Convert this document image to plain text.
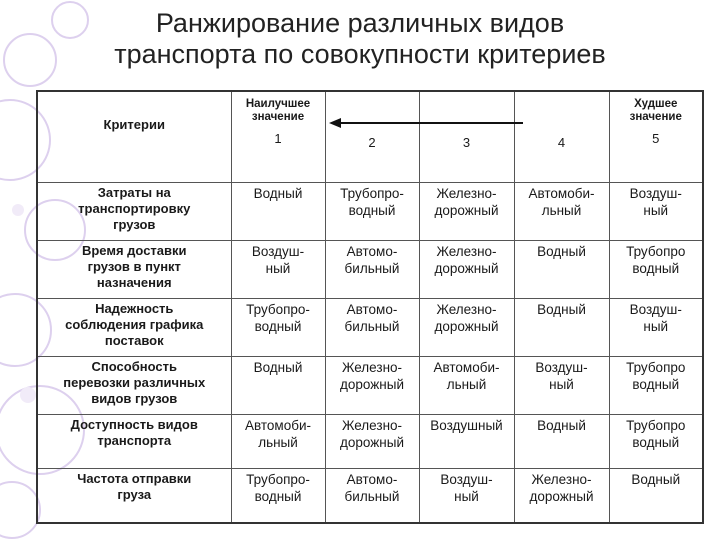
Ранжирование различных видов
транспорта по совокупности критериев
Критерии	Наилучшее
значение
1	2	3	4	Худшее
значение
5

Затраты на
транспортировку
грузов	Водный	Трубопро-
водный	Железно-
дорожный	Автомоби-
льный	Воздуш-
ный

Время доставки
грузов в пункт
назначения	Воздуш-
ный	Автомо-
бильный	Железно-
дорожный	Водный	Трубопро
водный

Надежность
соблюдения графика
поставок	Трубопро-
водный	Автомо-
бильный	Железно-
дорожный	Водный	Воздуш-
ный

Способность
перевозки различных
видов грузов	Водный	Железно-
дорожный	Автомоби-
льный	Воздуш-
ный	Трубопро
водный

Доступность видов
транспорта	Автомоби-
льный	Железно-
дорожный	Воздушный	Водный	Трубопро
водный

Частота отправки
груза	Трубопро-
водный	Автомо-
бильный	Воздуш-
ный	Железно-
дорожный	Водный
